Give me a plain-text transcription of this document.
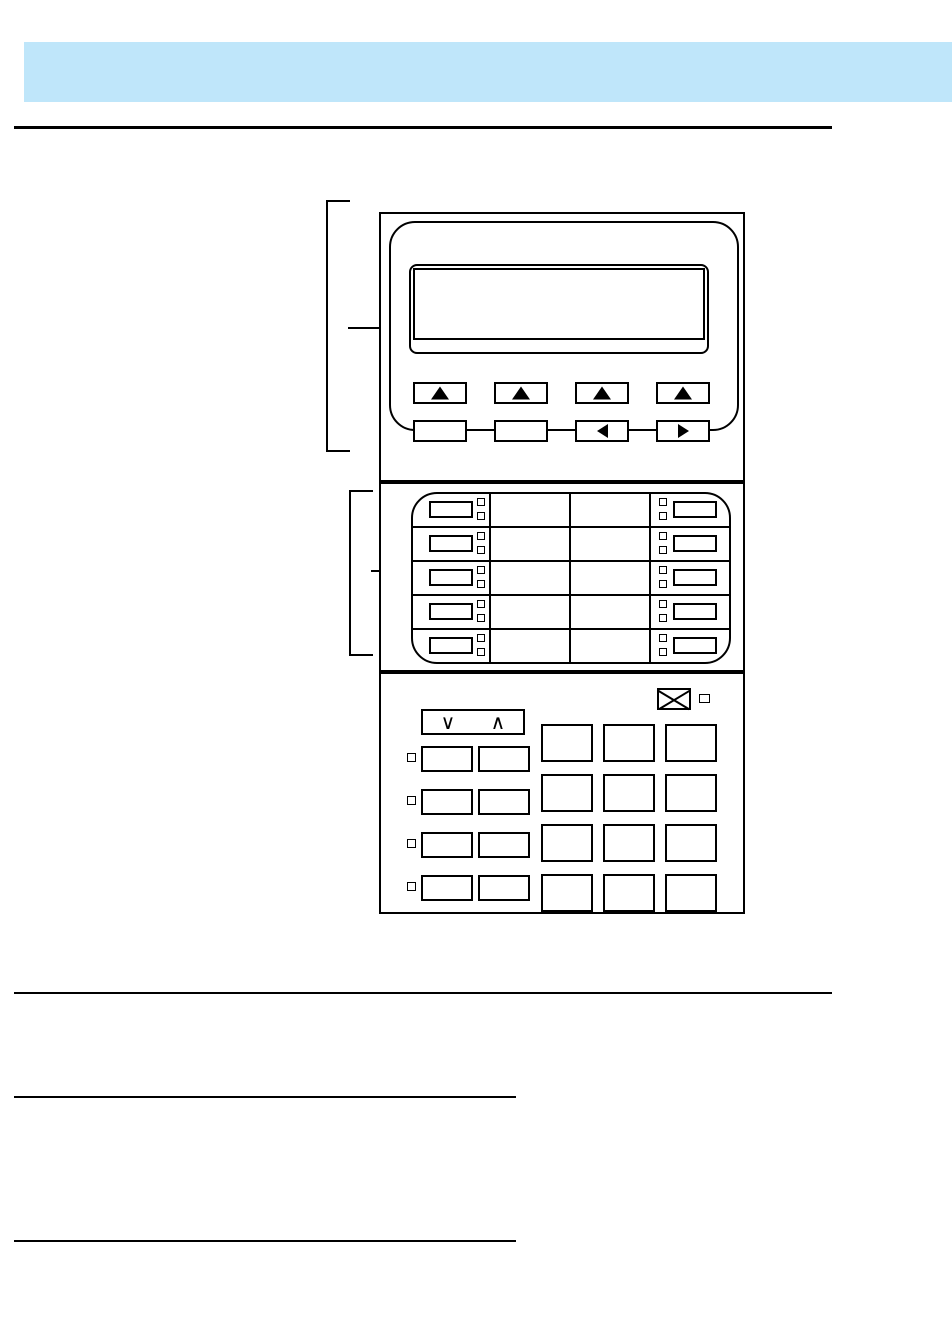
∨ ∧
